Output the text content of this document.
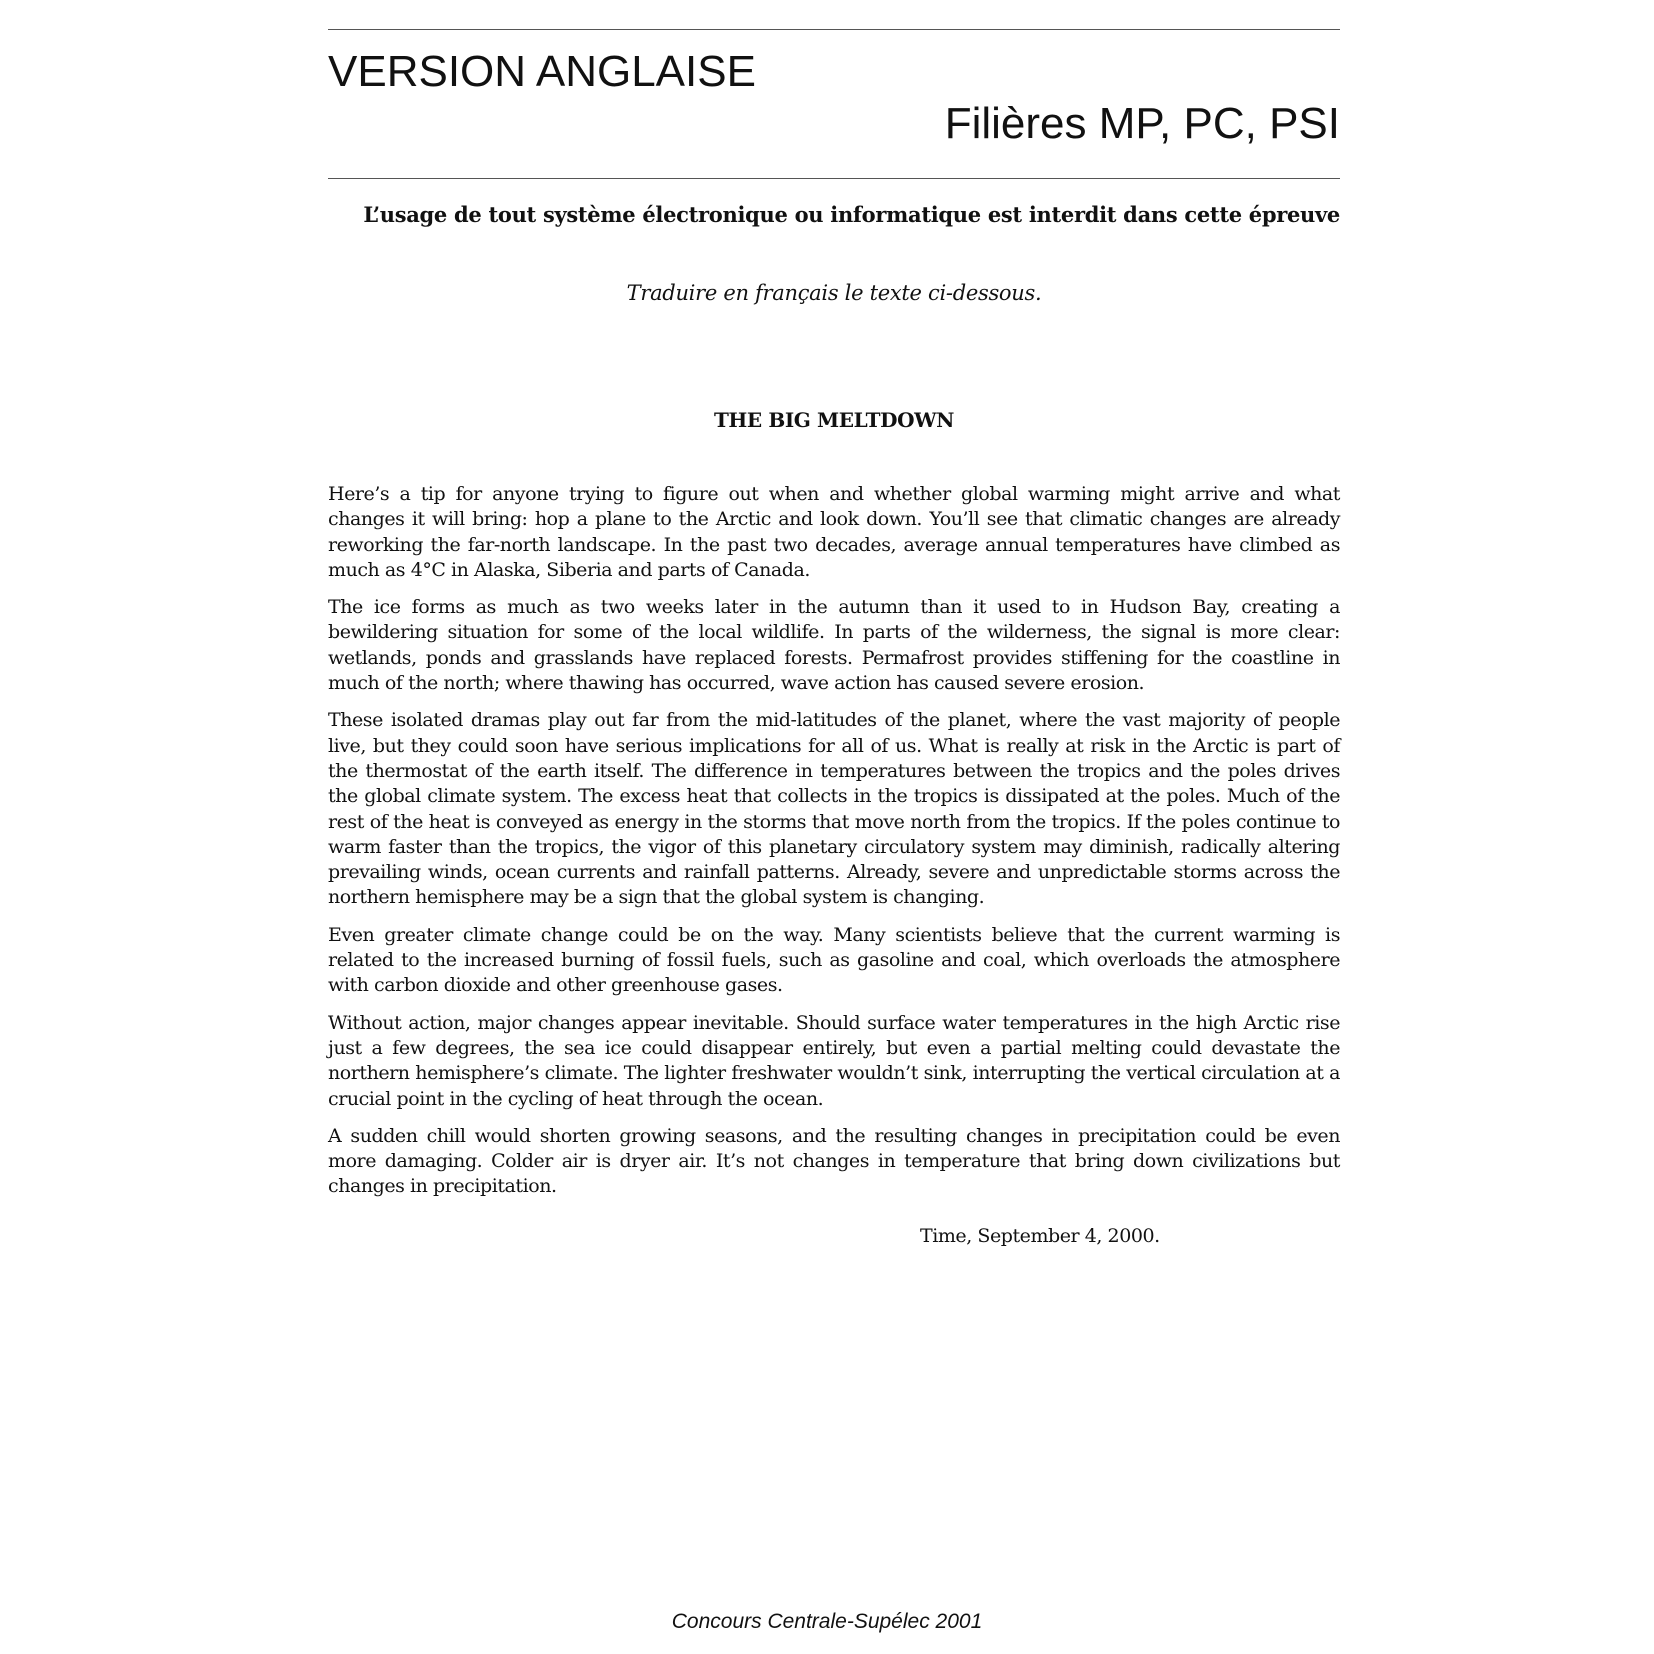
VERSION ANGLAISE
Filières MP, PC, PSI
L’usage de tout système électronique ou informatique est interdit dans cette épreuve
Traduire en français le texte ci-dessous.
THE BIG MELTDOWN

Here’s a tip for anyone trying to figure out when and whether global warming might arrive and what changes it will bring: hop a plane to the Arctic and look down. You’ll see that climatic changes are already reworking the far-north landscape. In the past two decades, average annual temperatures have climbed as much as 4°C in Alaska, Siberia and parts of Canada.

The ice forms as much as two weeks later in the autumn than it used to in Hudson Bay, creating a bewildering situation for some of the local wildlife. In parts of the wilderness, the signal is more clear: wetlands, ponds and grasslands have replaced forests. Permafrost provides stiffening for the coastline in much of the north; where thawing has occurred, wave action has caused severe erosion.

These isolated dramas play out far from the mid-latitudes of the planet, where the vast majority of people live, but they could soon have serious implications for all of us. What is really at risk in the Arctic is part of the thermostat of the earth itself. The difference in temperatures between the tropics and the poles drives the global climate system. The excess heat that collects in the tropics is dissipated at the poles. Much of the rest of the heat is conveyed as energy in the storms that move north from the tropics. If the poles continue to warm faster than the tropics, the vigor of this planetary circulatory system may diminish, radically altering prevailing winds, ocean currents and rainfall patterns. Already, severe and unpredictable storms across the northern hemisphere may be a sign that the global system is changing.

Even greater climate change could be on the way. Many scientists believe that the current warming is related to the increased burning of fossil fuels, such as gasoline and coal, which overloads the atmosphere with carbon dioxide and other greenhouse gases.

Without action, major changes appear inevitable. Should surface water temperatures in the high Arctic rise just a few degrees, the sea ice could disappear entirely, but even a partial melting could devastate the northern hemisphere’s climate. The lighter freshwater wouldn’t sink, interrupting the vertical circulation at a crucial point in the cycling of heat through the ocean.

A sudden chill would shorten growing seasons, and the resulting changes in precipitation could be even more damaging. Colder air is dryer air. It’s not changes in temperature that bring down civilizations but changes in precipitation.

Time, September 4, 2000.
Concours Centrale-Supélec 2001
